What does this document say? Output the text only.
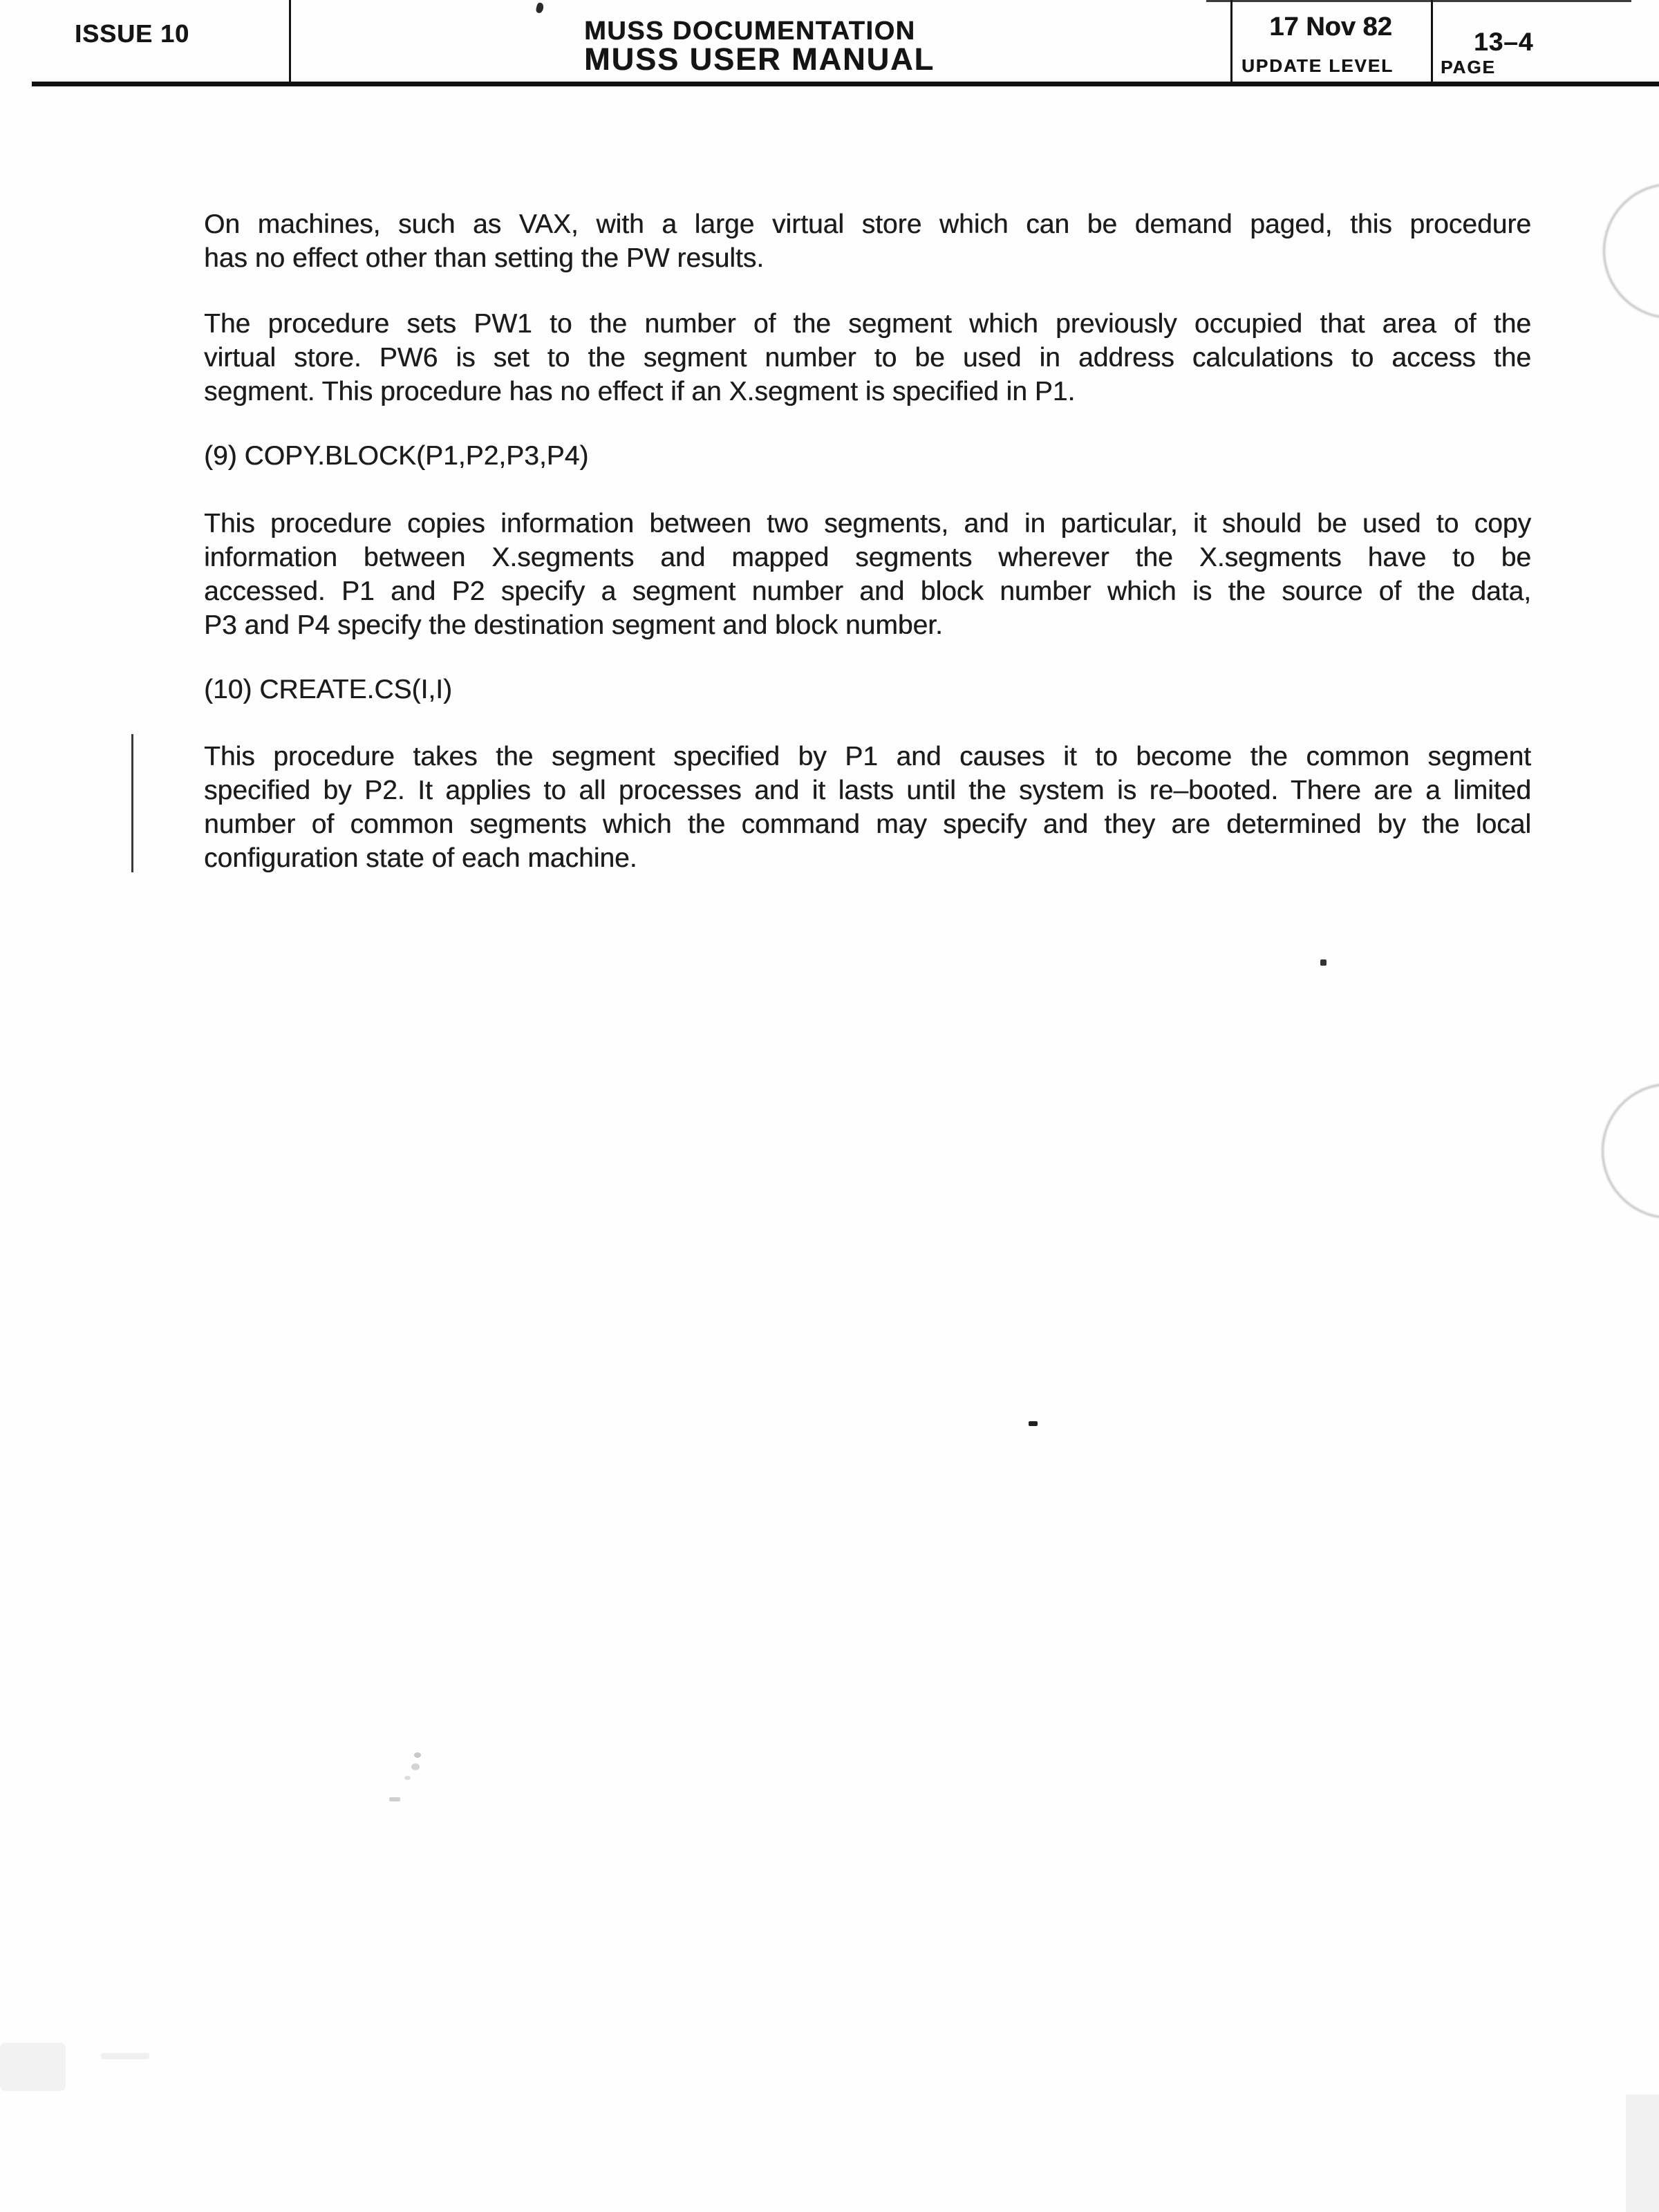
ISSUE 10	MUSS DOCUMENTATION
MUSS USER MANUAL
17 Nov 82
UPDATE LEVEL
13–4
PAGE
On machines, such as VAX, with a large virtual store which can be demand paged, this procedure
has no effect other than setting the PW results.
The procedure sets PW1 to the number of the segment which previously occupied that area of the
virtual store. PW6 is set to the segment number to be used in address calculations to access the
segment. This procedure has no effect if an X.segment is specified in P1.
(9) COPY.BLOCK(P1,P2,P3,P4)
This procedure copies information between two segments, and in particular, it should be used to copy
information between X.segments and mapped segments wherever the X.segments have to be
accessed. P1 and P2 specify a segment number and block number which is the source of the data,
P3 and P4 specify the destination segment and block number.
(10) CREATE.CS(I,I)
This procedure takes the segment specified by P1 and causes it to become the common segment
specified by P2. It applies to all processes and it lasts until the system is re–booted. There are a limited
number of common segments which the command may specify and they are determined by the local
configuration state of each machine.
